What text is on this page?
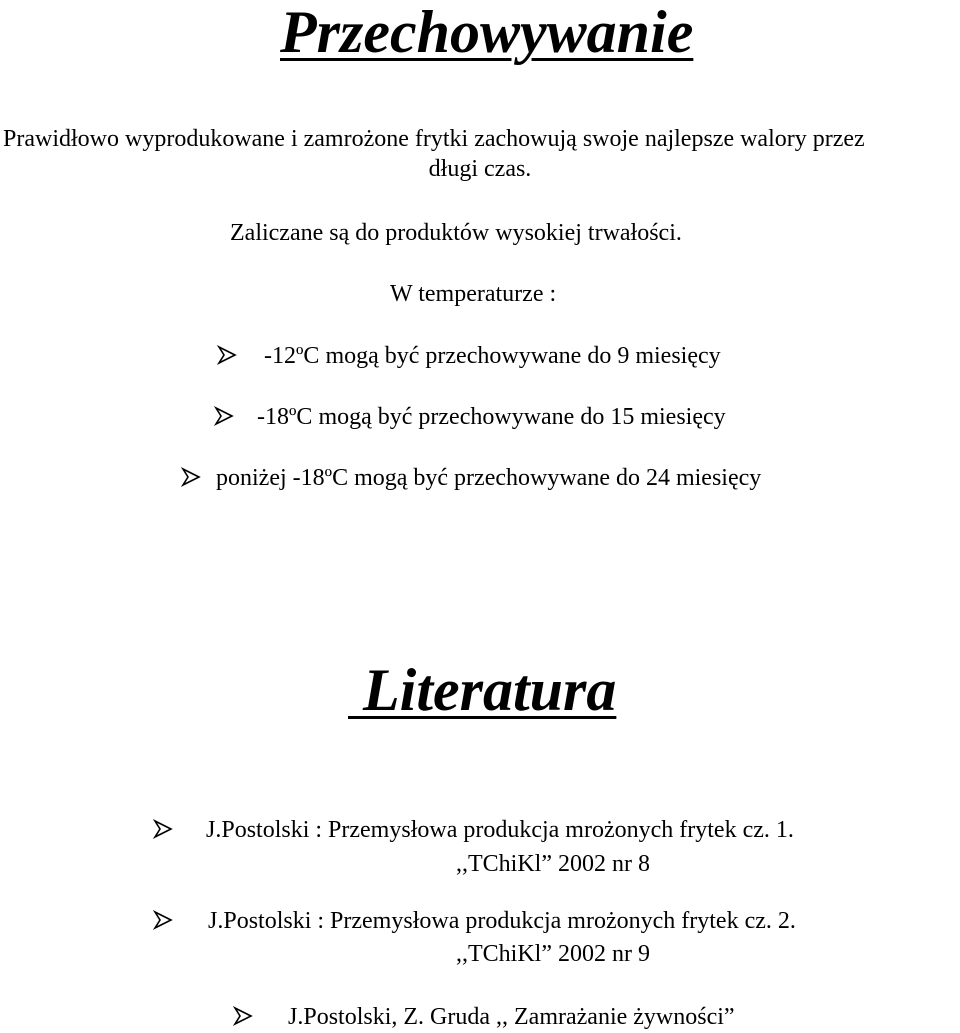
Przechowywanie
Prawidłowo wyprodukowane i zamrożone frytki zachowują swoje najlepsze walory przez
długi czas.
Zaliczane są do produktów wysokiej trwałości.
W temperaturze :
-12ºC mogą być przechowywane do 9 miesięcy
-18ºC mogą być przechowywane do 15 miesięcy
poniżej -18ºC mogą być przechowywane do 24 miesięcy
Literatura
J.Postolski : Przemysłowa produkcja mrożonych frytek cz. 1.
,,TChiKl” 2002 nr 8
J.Postolski : Przemysłowa produkcja mrożonych frytek cz. 2.
,,TChiKl” 2002 nr 9
J.Postolski, Z. Gruda ,, Zamrażanie żywności”
